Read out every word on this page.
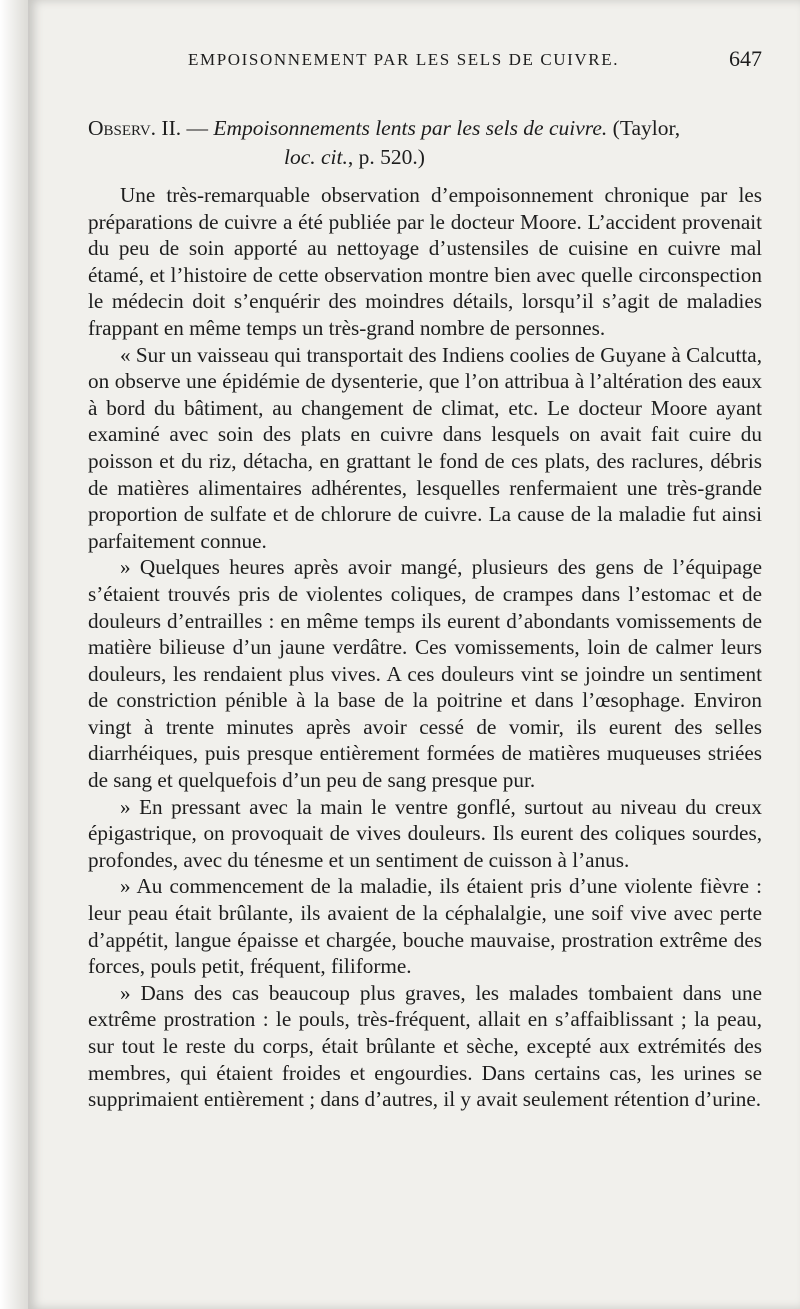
EMPOISONNEMENT PAR LES SELS DE CUIVRE.	647
Observ. II. — Empoisonnements lents par les sels de cuivre. (Taylor,
loc. cit., p. 520.)

Une très-remarquable observation d’empoisonnement chronique par les préparations de cuivre a été publiée par le docteur Moore. L’accident provenait du peu de soin apporté au nettoyage d’ustensiles de cuisine en cuivre mal étamé, et l’histoire de cette observation montre bien avec quelle circonspection le médecin doit s’enquérir des moindres détails, lorsqu’il s’agit de maladies frappant en même temps un très-grand nombre de personnes.

« Sur un vaisseau qui transportait des Indiens coolies de Guyane à Calcutta, on observe une épidémie de dysenterie, que l’on attribua à l’altération des eaux à bord du bâtiment, au changement de climat, etc. Le docteur Moore ayant examiné avec soin des plats en cuivre dans lesquels on avait fait cuire du poisson et du riz, détacha, en grattant le fond de ces plats, des raclures, débris de matières alimentaires adhérentes, lesquelles renfermaient une très-grande proportion de sulfate et de chlorure de cuivre. La cause de la maladie fut ainsi parfaitement connue.

» Quelques heures après avoir mangé, plusieurs des gens de l’équipage s’étaient trouvés pris de violentes coliques, de crampes dans l’estomac et de douleurs d’entrailles : en même temps ils eurent d’abondants vomissements de matière bilieuse d’un jaune verdâtre. Ces vomissements, loin de calmer leurs douleurs, les rendaient plus vives. A ces douleurs vint se joindre un sentiment de constriction pénible à la base de la poitrine et dans l’œsophage. Environ vingt à trente minutes après avoir cessé de vomir, ils eurent des selles diarrhéiques, puis presque entièrement formées de matières muqueuses striées de sang et quelquefois d’un peu de sang presque pur.

» En pressant avec la main le ventre gonflé, surtout au niveau du creux épigastrique, on provoquait de vives douleurs. Ils eurent des coliques sourdes, profondes, avec du ténesme et un sentiment de cuisson à l’anus.

» Au commencement de la maladie, ils étaient pris d’une violente fièvre : leur peau était brûlante, ils avaient de la céphalalgie, une soif vive avec perte d’appétit, langue épaisse et chargée, bouche mauvaise, prostration extrême des forces, pouls petit, fréquent, filiforme.

» Dans des cas beaucoup plus graves, les malades tombaient dans une extrême prostration : le pouls, très-fréquent, allait en s’affaiblissant ; la peau, sur tout le reste du corps, était brûlante et sèche, excepté aux extrémités des membres, qui étaient froides et engourdies. Dans certains cas, les urines se supprimaient entièrement ; dans d’autres, il y avait seulement rétention d’urine.
